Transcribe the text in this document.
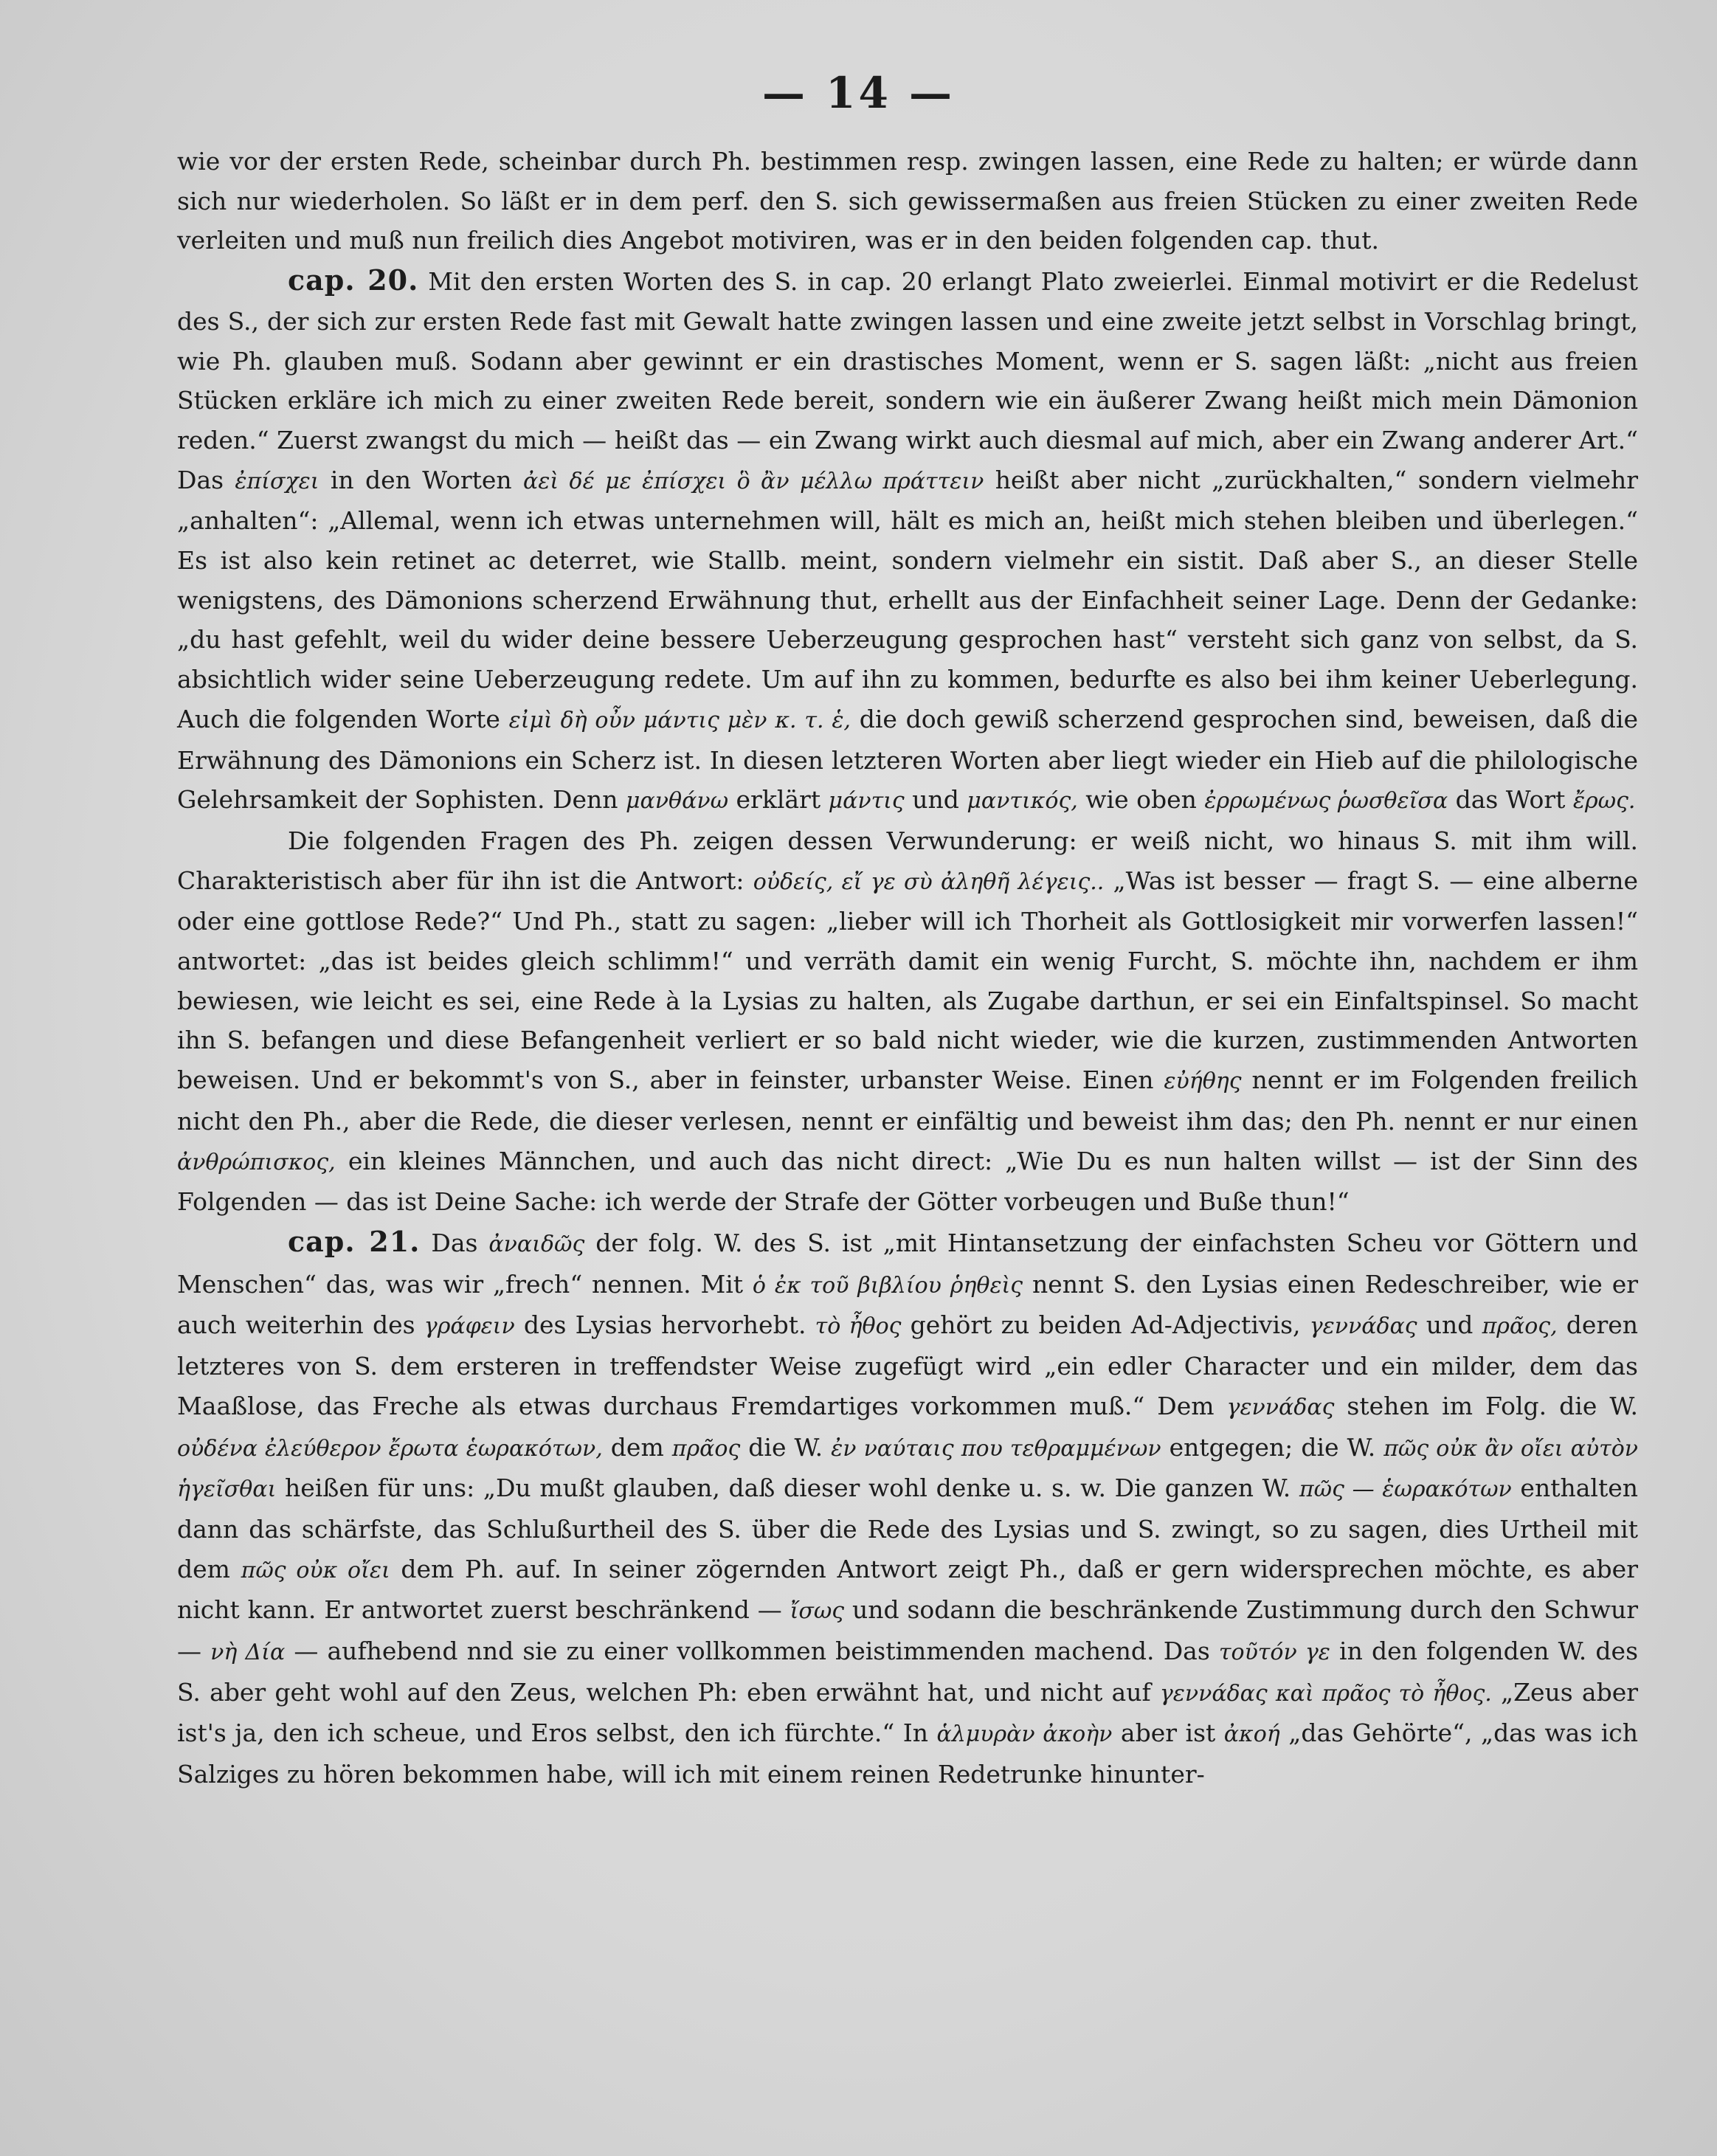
— 14 —

wie vor der ersten Rede, scheinbar durch Ph. bestimmen resp. zwingen lassen, eine Rede zu halten; er würde dann sich nur wiederholen. So läßt er in dem perf. den S. sich gewissermaßen aus freien Stücken zu einer zweiten Rede verleiten und muß nun freilich dies Angebot motiviren, was er in den beiden folgenden cap. thut.

cap. 20. Mit den ersten Worten des S. in cap. 20 erlangt Plato zweierlei. Einmal motivirt er die Redelust des S., der sich zur ersten Rede fast mit Gewalt hatte zwingen lassen und eine zweite jetzt selbst in Vorschlag bringt, wie Ph. glauben muß. Sodann aber gewinnt er ein drastisches Moment, wenn er S. sagen läßt: „nicht aus freien Stücken erkläre ich mich zu einer zweiten Rede bereit, sondern wie ein äußerer Zwang heißt mich mein Dämonion reden.“ Zuerst zwangst du mich — heißt das — ein Zwang wirkt auch diesmal auf mich, aber ein Zwang anderer Art.“ Das ἐπίσχει in den Worten ἀεὶ δέ με ἐπίσχει ὃ ἂν μέλλω πράττειν heißt aber nicht „zurückhalten,“ sondern vielmehr „anhalten“: „Allemal, wenn ich etwas unternehmen will, hält es mich an, heißt mich stehen bleiben und überlegen.“ Es ist also kein retinet ac deterret, wie Stallb. meint, sondern vielmehr ein sistit. Daß aber S., an dieser Stelle wenigstens, des Dämonions scherzend Erwähnung thut, erhellt aus der Einfachheit seiner Lage. Denn der Gedanke: „du hast gefehlt, weil du wider deine bessere Ueberzeugung gesprochen hast“ versteht sich ganz von selbst, da S. absichtlich wider seine Ueberzeugung redete. Um auf ihn zu kommen, bedurfte es also bei ihm keiner Ueberlegung. Auch die folgenden Worte εἰμὶ δὴ οὖν μάντις μὲν κ. τ. ἑ, die doch gewiß scherzend gesprochen sind, beweisen, daß die Erwähnung des Dämonions ein Scherz ist. In diesen letzteren Worten aber liegt wieder ein Hieb auf die philologische Gelehrsamkeit der Sophisten. Denn μανθάνω erklärt μάντις und μαντικός, wie oben ἐρρωμένως ῥωσθεῖσα das Wort ἔρως.

Die folgenden Fragen des Ph. zeigen dessen Verwunderung: er weiß nicht, wo hinaus S. mit ihm will. Charakteristisch aber für ihn ist die Antwort: οὐδείς, εἴ γε σὺ ἀληθῆ λέγεις.. „Was ist besser — fragt S. — eine alberne oder eine gottlose Rede?“ Und Ph., statt zu sagen: „lieber will ich Thorheit als Gottlosigkeit mir vorwerfen lassen!“ antwortet: „das ist beides gleich schlimm!“ und verräth damit ein wenig Furcht, S. möchte ihn, nachdem er ihm bewiesen, wie leicht es sei, eine Rede à la Lysias zu halten, als Zugabe darthun, er sei ein Einfaltspinsel. So macht ihn S. befangen und diese Befangenheit verliert er so bald nicht wieder, wie die kurzen, zustimmenden Antworten beweisen. Und er bekommt's von S., aber in feinster, urbanster Weise. Einen εὐήθης nennt er im Folgenden freilich nicht den Ph., aber die Rede, die dieser verlesen, nennt er einfältig und beweist ihm das; den Ph. nennt er nur einen ἀνθρώπισκος, ein kleines Männchen, und auch das nicht direct: „Wie Du es nun halten willst — ist der Sinn des Folgenden — das ist Deine Sache: ich werde der Strafe der Götter vorbeugen und Buße thun!“

cap. 21. Das ἀναιδῶς der folg. W. des S. ist „mit Hintansetzung der einfachsten Scheu vor Göttern und Menschen“ das, was wir „frech“ nennen. Mit ὁ ἐκ τοῦ βιβλίου ῥηθεὶς nennt S. den Lysias einen Redeschreiber, wie er auch weiterhin des γράφειν des Lysias hervorhebt. τὸ ἦθος gehört zu beiden Ad-Adjectivis, γεννάδας und πρᾶος, deren letzteres von S. dem ersteren in treffendster Weise zugefügt wird „ein edler Character und ein milder, dem das Maaßlose, das Freche als etwas durchaus Fremdartiges vorkommen muß.“ Dem γεννάδας stehen im Folg. die W. οὐδένα ἐλεύθερον ἔρωτα ἑωρακότων, dem πρᾶος die W. ἐν ναύταις που τεθραμμένων entgegen; die W. πῶς οὐκ ἂν οἴει αὐτὸν ἡγεῖσθαι heißen für uns: „Du mußt glauben, daß dieser wohl denke u. s. w. Die ganzen W. πῶς — ἑωρακότων enthalten dann das schärfste, das Schlußurtheil des S. über die Rede des Lysias und S. zwingt, so zu sagen, dies Urtheil mit dem πῶς οὐκ οἴει dem Ph. auf. In seiner zögernden Antwort zeigt Ph., daß er gern widersprechen möchte, es aber nicht kann. Er antwortet zuerst beschränkend — ἴσως und sodann die beschränkende Zustimmung durch den Schwur — νὴ Δία — aufhebend nnd sie zu einer vollkommen beistimmenden machend. Das τοῦτόν γε in den folgenden W. des S. aber geht wohl auf den Zeus, welchen Ph: eben erwähnt hat, und nicht auf γεννάδας καὶ πρᾶος τὸ ἦθος. „Zeus aber ist's ja, den ich scheue, und Eros selbst, den ich fürchte.“ In ἁλμυρὰν ἀκοὴν aber ist ἀκοή „das Gehörte“, „das was ich Salziges zu hören bekommen habe, will ich mit einem reinen Redetrunke hinunter-
